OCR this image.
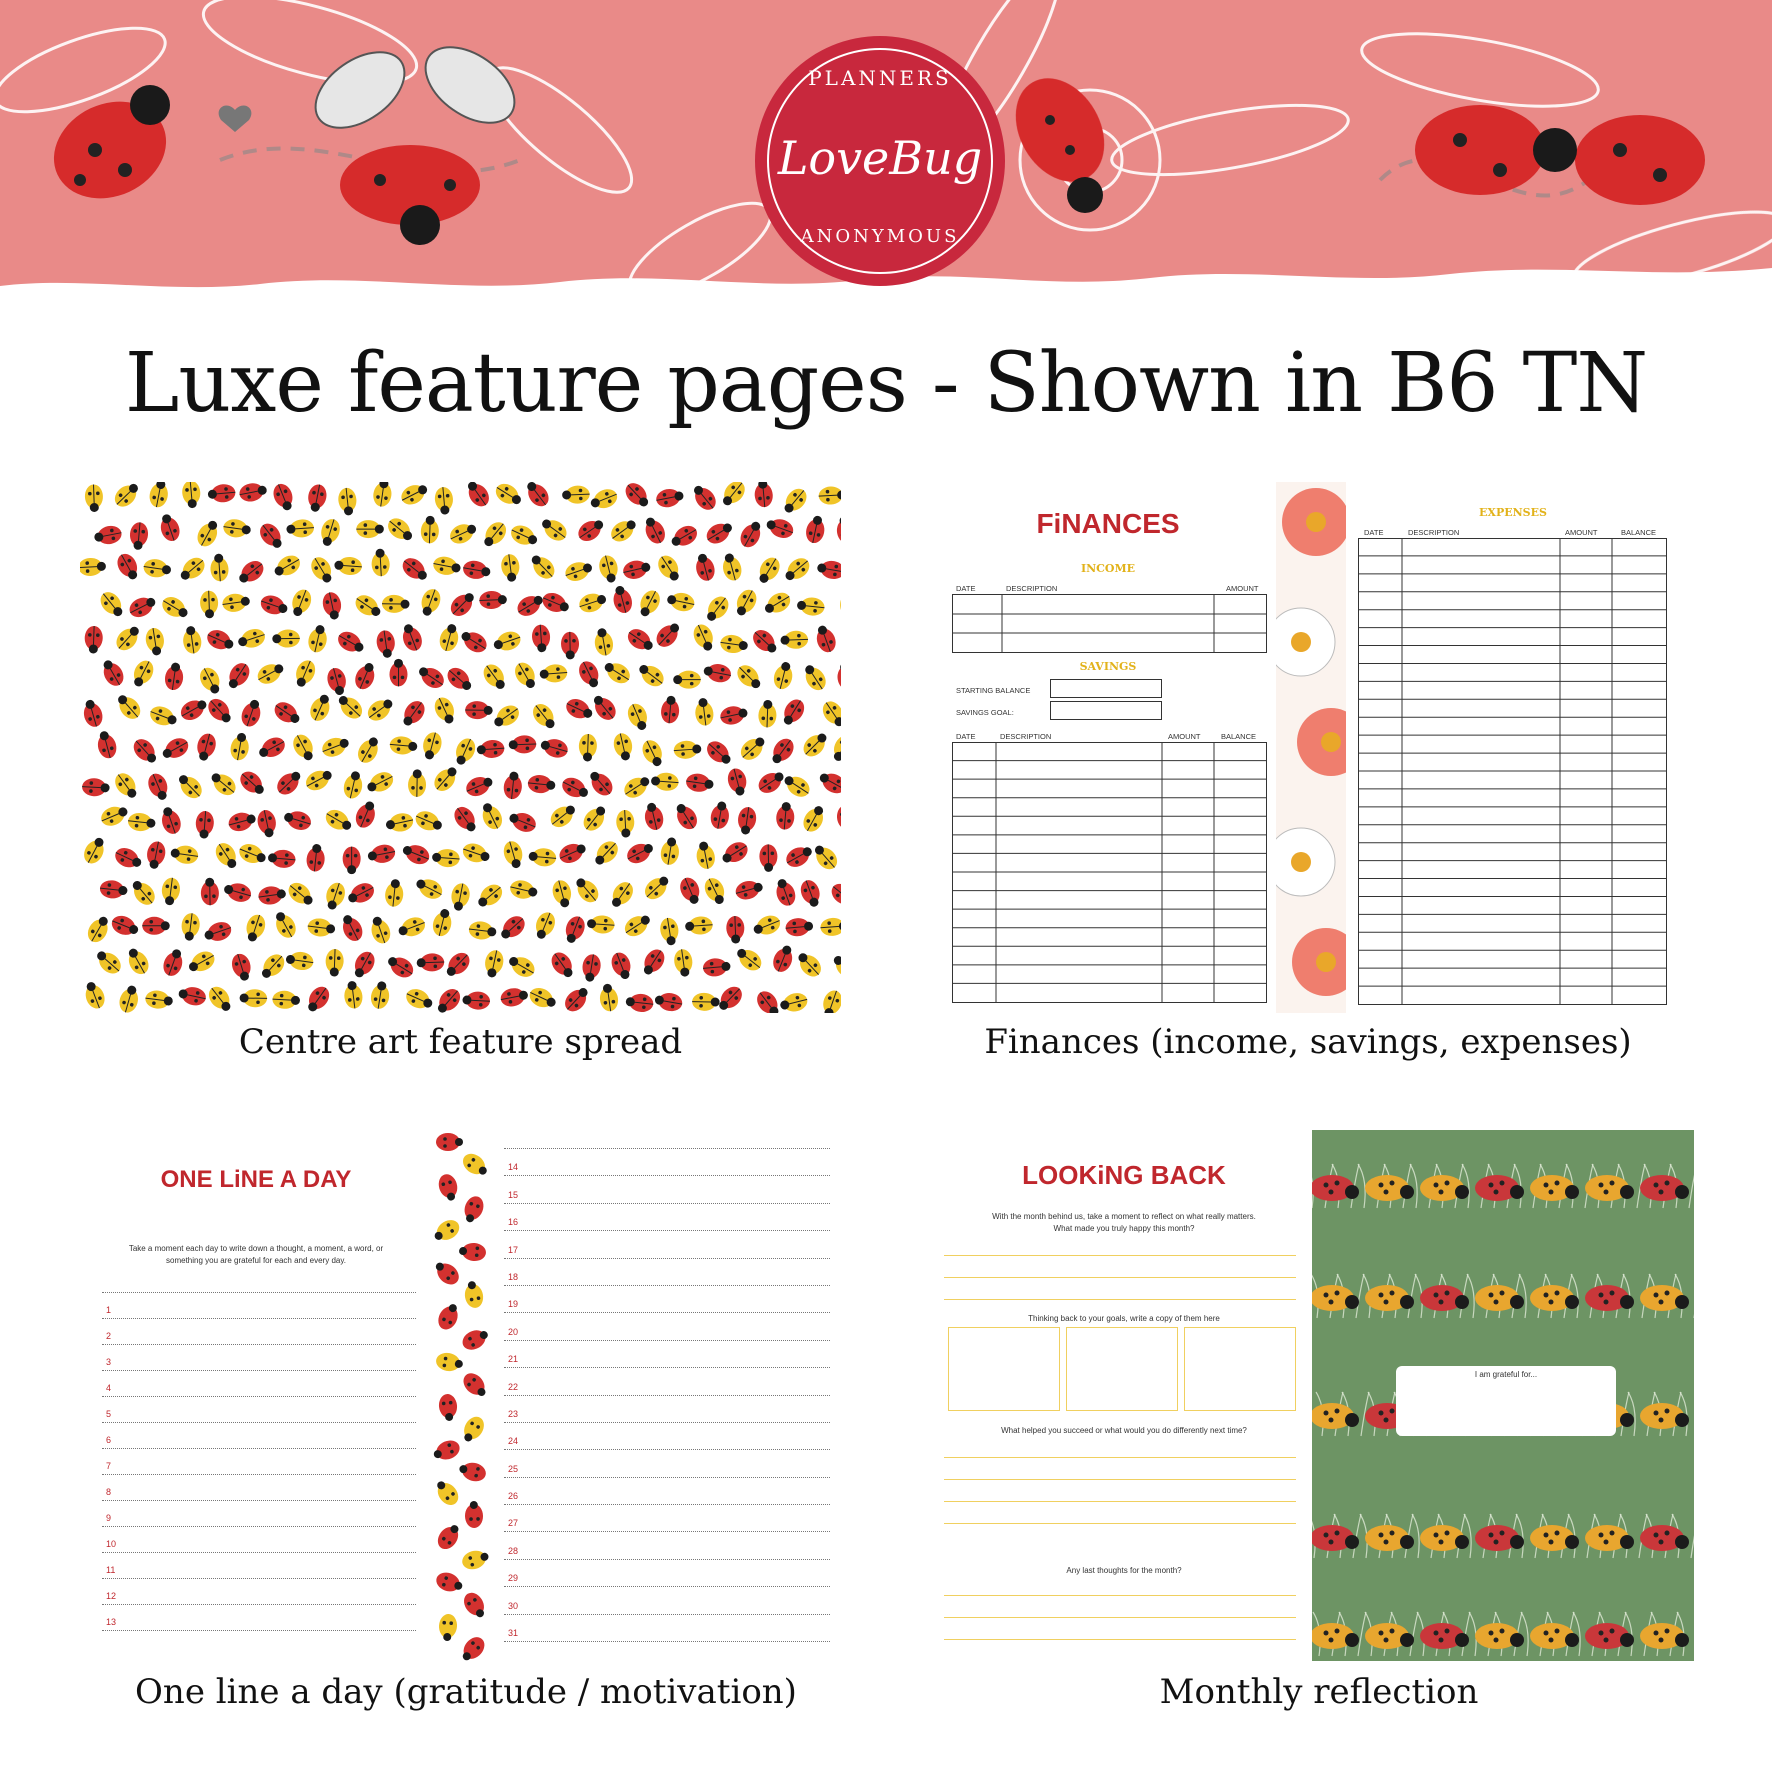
PLANNERS
LoveBug
ANONYMOUS
Luxe feature pages - Shown in B6 TN
Centre art feature spread
FiNANCES
INCOME
DATE	DESCRIPTION	AMOUNT
SAVINGS
STARTING BALANCE
SAVINGS GOAL:
DATE	DESCRIPTION	AMOUNT	BALANCE
EXPENSES
DATE	DESCRIPTION	AMOUNT	BALANCE
Finances (income, savings, expenses)
ONE LiNE A DAY
Take a moment each day to write down a thought, a moment, a word, or
something you are grateful for each and every day.
1
2
3
4
5
6
7
8
9
10
11
12
13
14
15
16
17
18
19
20
21
22
23
24
25
26
27
28
29
30
31
One line a day (gratitude / motivation)
LOOKiNG BACK
With the month behind us, take a moment to reflect on what really matters.
What made you truly happy this month?
Thinking back to your goals, write a copy of them here
What helped you succeed or what would you do differently next time?
Any last thoughts for the month?
I am grateful for...
Monthly reflection
